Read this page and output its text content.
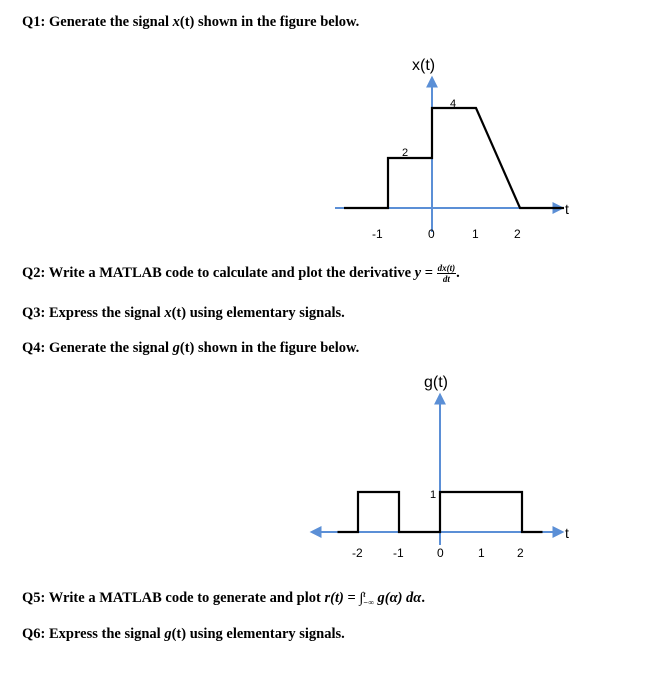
Q1: Generate the signal x(t) shown in the figure below.
Q2: Write a MATLAB code to calculate and plot the derivative $y = \frac{dx(t)}{dt}$ .
Q3: Express the signal x(t) using elementary signals.
Q4: Generate the signal g(t) shown in the figure below.
Q5: Write a MATLAB code to generate and plot r(t) = ∫ t
−∞ g(α) dα.
Q6: Express the signal g(t) using elementary signals.
x(t)
t
2
4
-1	0	1	2
g(t)
t
1
-2	-1	0	1	2
